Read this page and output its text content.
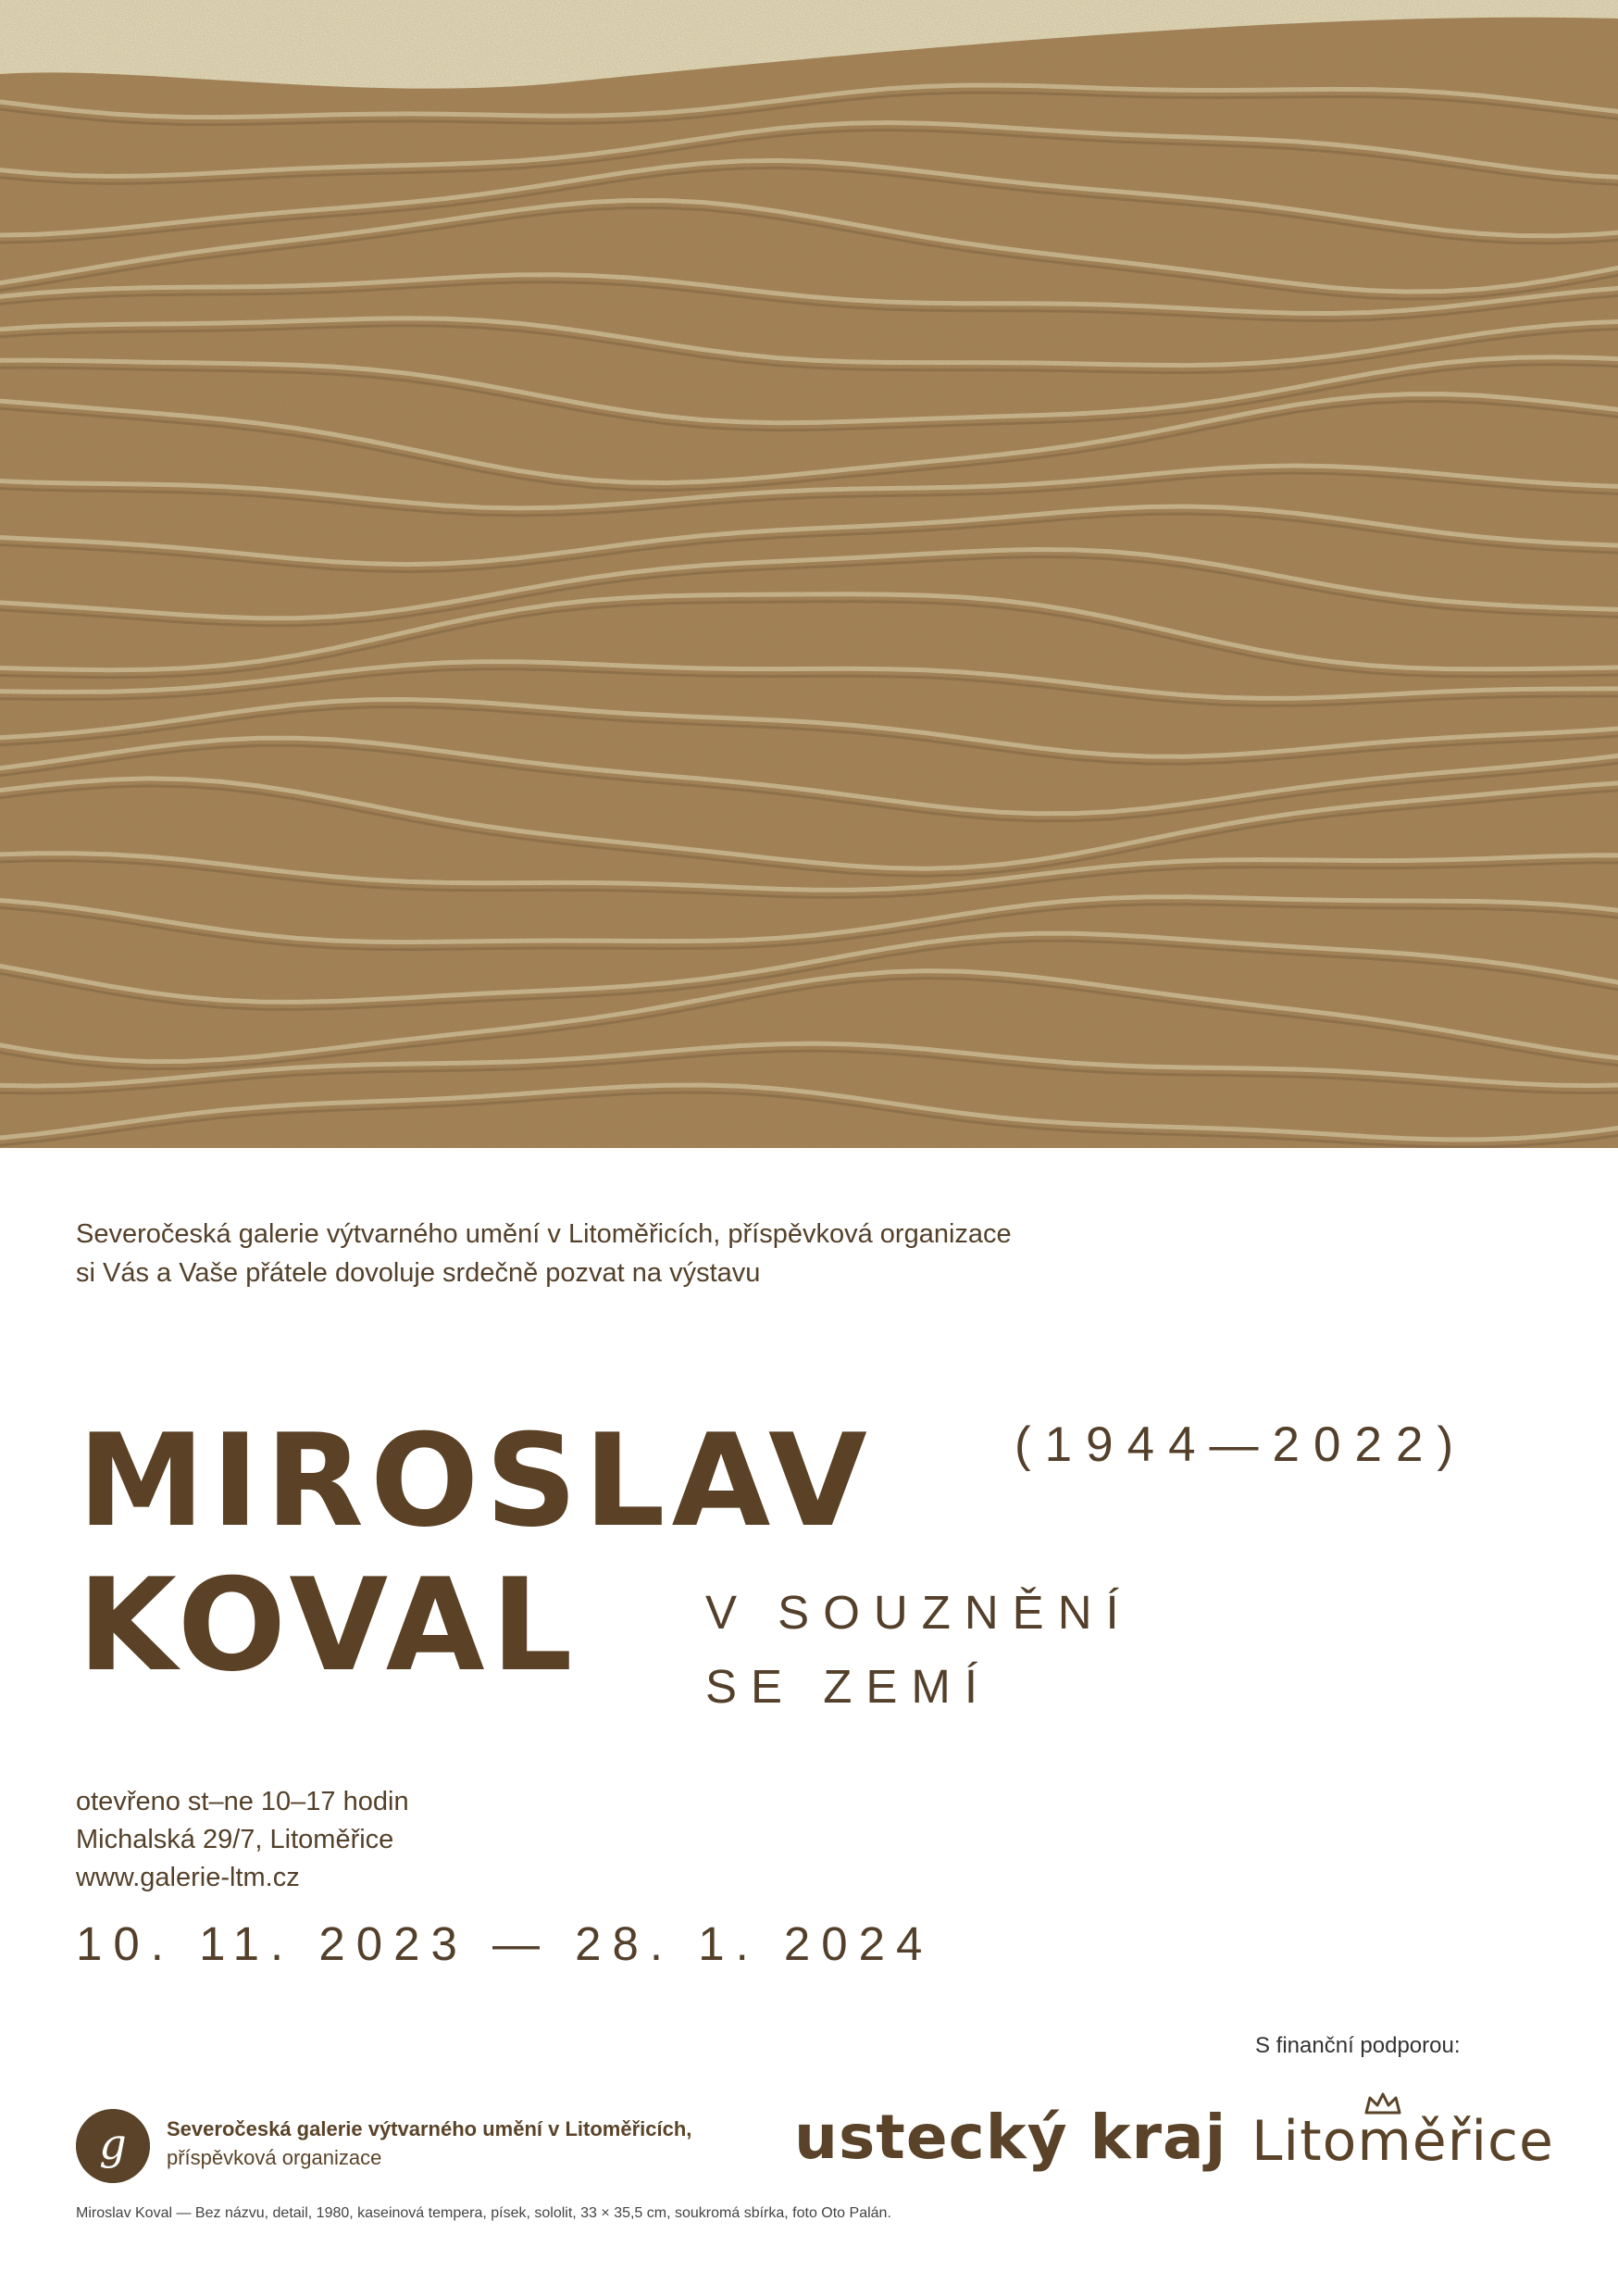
Severočeská galerie výtvarného umění v Litoměřicích, příspěvková organizace
si Vás a Vaše přátele dovoluje srdečně pozvat na výstavu
MIROSLAV
KOVAL
(1944—2022)
V SOUZNĚNÍ
SE ZEMÍ
otevřeno st–ne 10–17 hodin
Michalská 29/7, Litoměřice
www.galerie-ltm.cz
10. 11. 2023 — 28. 1. 2024
S finanční podporou:
g Severočeská galerie výtvarného umění v Litoměřicích,
příspěvková organizace	ustecký kraj Litoměřice
Miroslav Koval — Bez názvu, detail, 1980, kaseinová tempera, písek, sololit, 33 × 35,5 cm, soukromá sbírka, foto Oto Palán.
